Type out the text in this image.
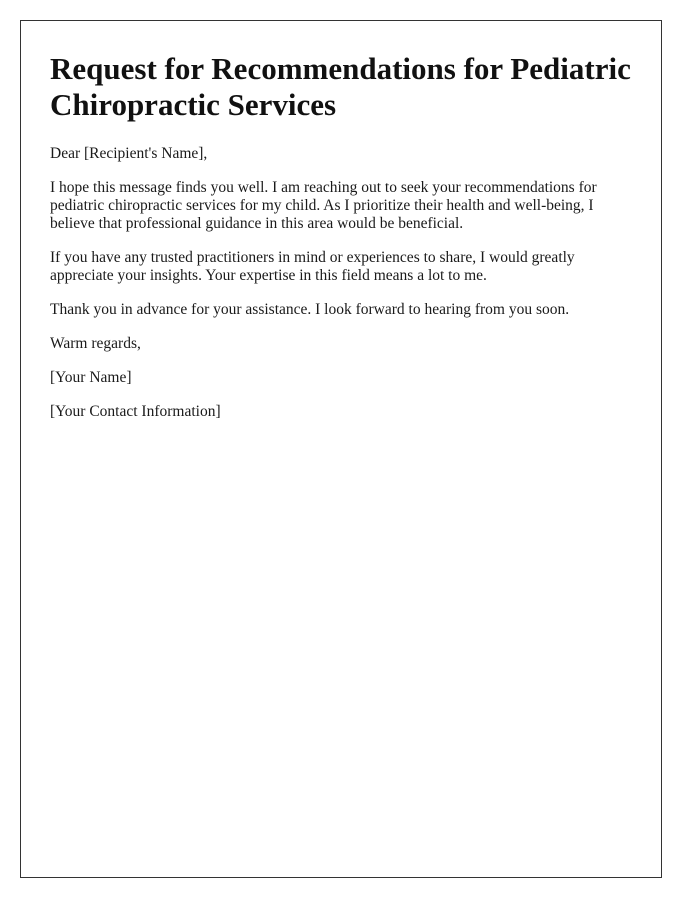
Request for Recommendations for Pediatric Chiropractic Services

Dear [Recipient's Name],

I hope this message finds you well. I am reaching out to seek your recommendations for pediatric chiropractic services for my child. As I prioritize their health and well-being, I believe that professional guidance in this area would be beneficial.

If you have any trusted practitioners in mind or experiences to share, I would greatly appreciate your insights. Your expertise in this field means a lot to me.

Thank you in advance for your assistance. I look forward to hearing from you soon.

Warm regards,

[Your Name]

[Your Contact Information]
